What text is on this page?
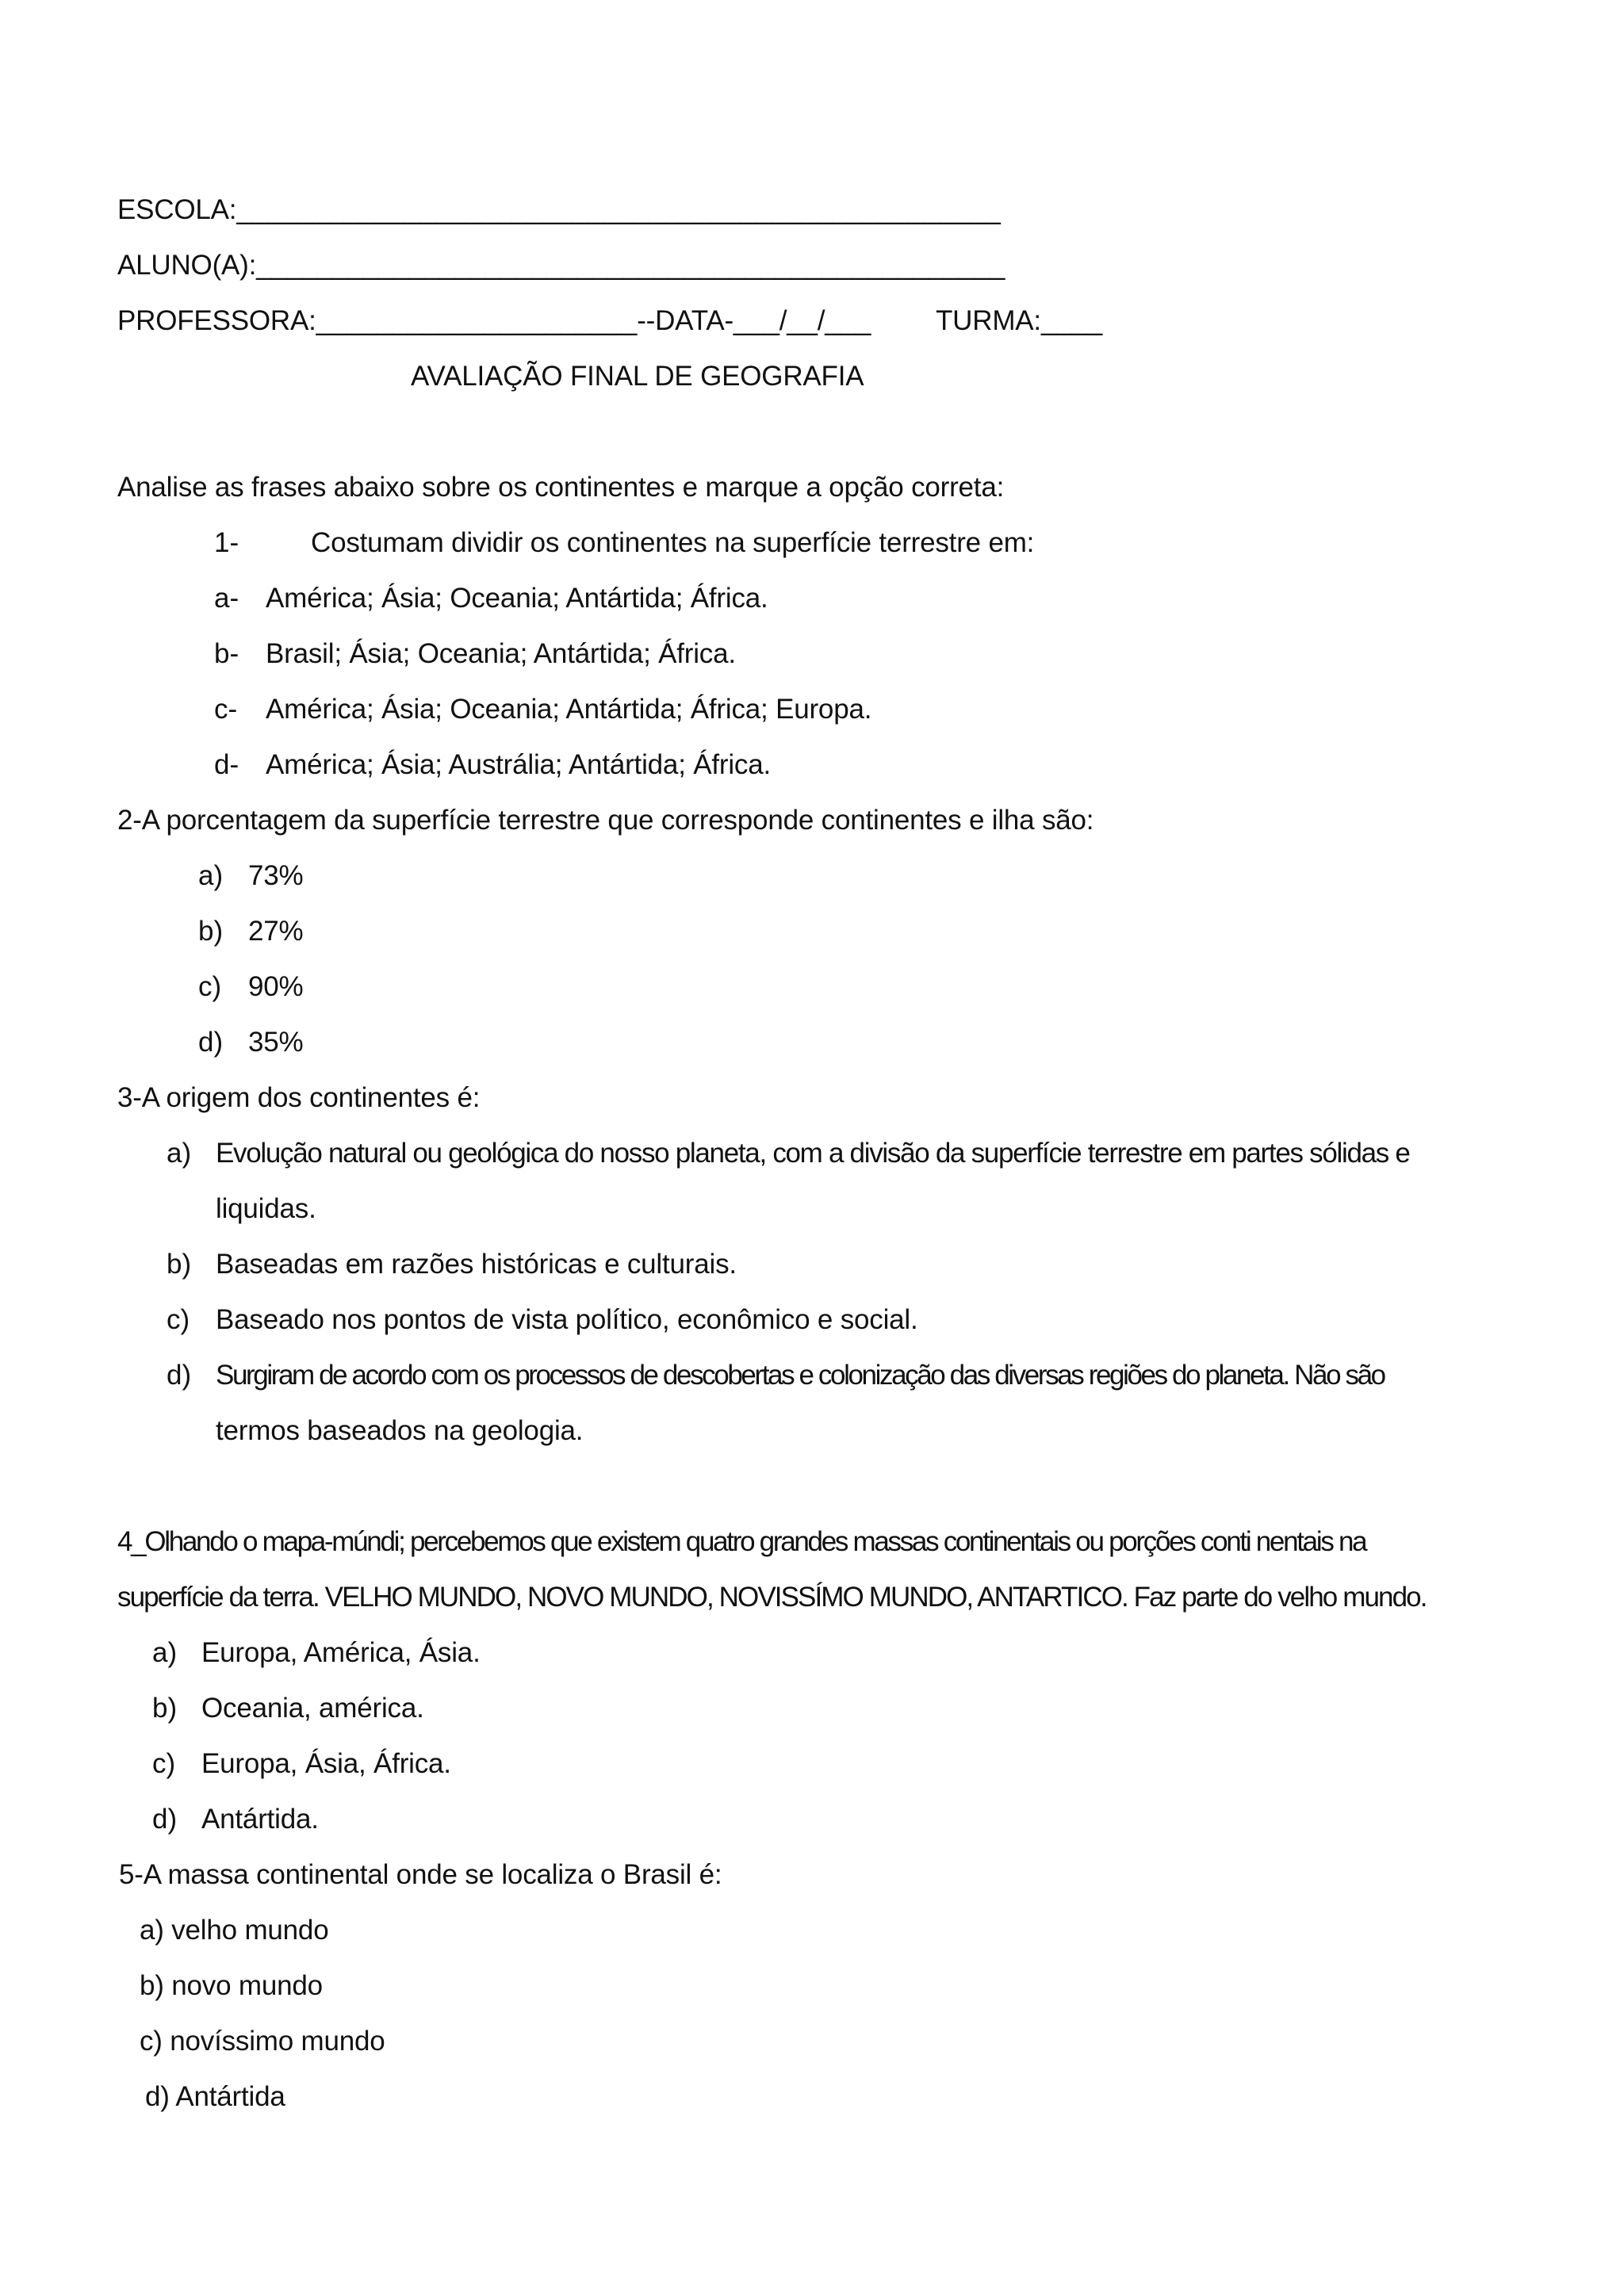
ESCOLA:__________________________________________________
ALUNO(A):_________________________________________________
PROFESSORA:_____________________--DATA-___/__/___ TURMA:____
AVALIAÇÃO FINAL DE GEOGRAFIA
Analise as frases abaixo sobre os continentes e marque a opção correta:
1-	Costumam dividir os continentes na superfície terrestre em:
a- América; Ásia; Oceania; Antártida; África.
b- Brasil; Ásia; Oceania; Antártida; África.
c- América; Ásia; Oceania; Antártida; África; Europa.
d- América; Ásia; Austrália; Antártida; África.
2-A porcentagem da superfície terrestre que corresponde continentes e ilha são:
a) 73%
b) 27%
c) 90%
d) 35%
3-A origem dos continentes é:
a) Evolução natural ou geológica do nosso planeta, com a divisão da superfície terrestre em partes sólidas e
liquidas.
b) Baseadas em razões históricas e culturais.
c) Baseado nos pontos de vista político, econômico e social.
d) Surgiram de acordo com os processos de descobertas e colonização das diversas regiões do planeta. Não são
termos baseados na geologia.
4_Olhando o mapa-múndi; percebemos que existem quatro grandes massas continentais ou porções conti nentais na
superfície da terra. VELHO MUNDO, NOVO MUNDO, NOVISSÍMO MUNDO, ANTARTICO. Faz parte do velho mundo.
a) Europa, América, Ásia.
b) Oceania, américa.
c) Europa, Ásia, África.
d) Antártida.
5-A massa continental onde se localiza o Brasil é:
a) velho mundo
b) novo mundo
c) novíssimo mundo
d) Antártida
